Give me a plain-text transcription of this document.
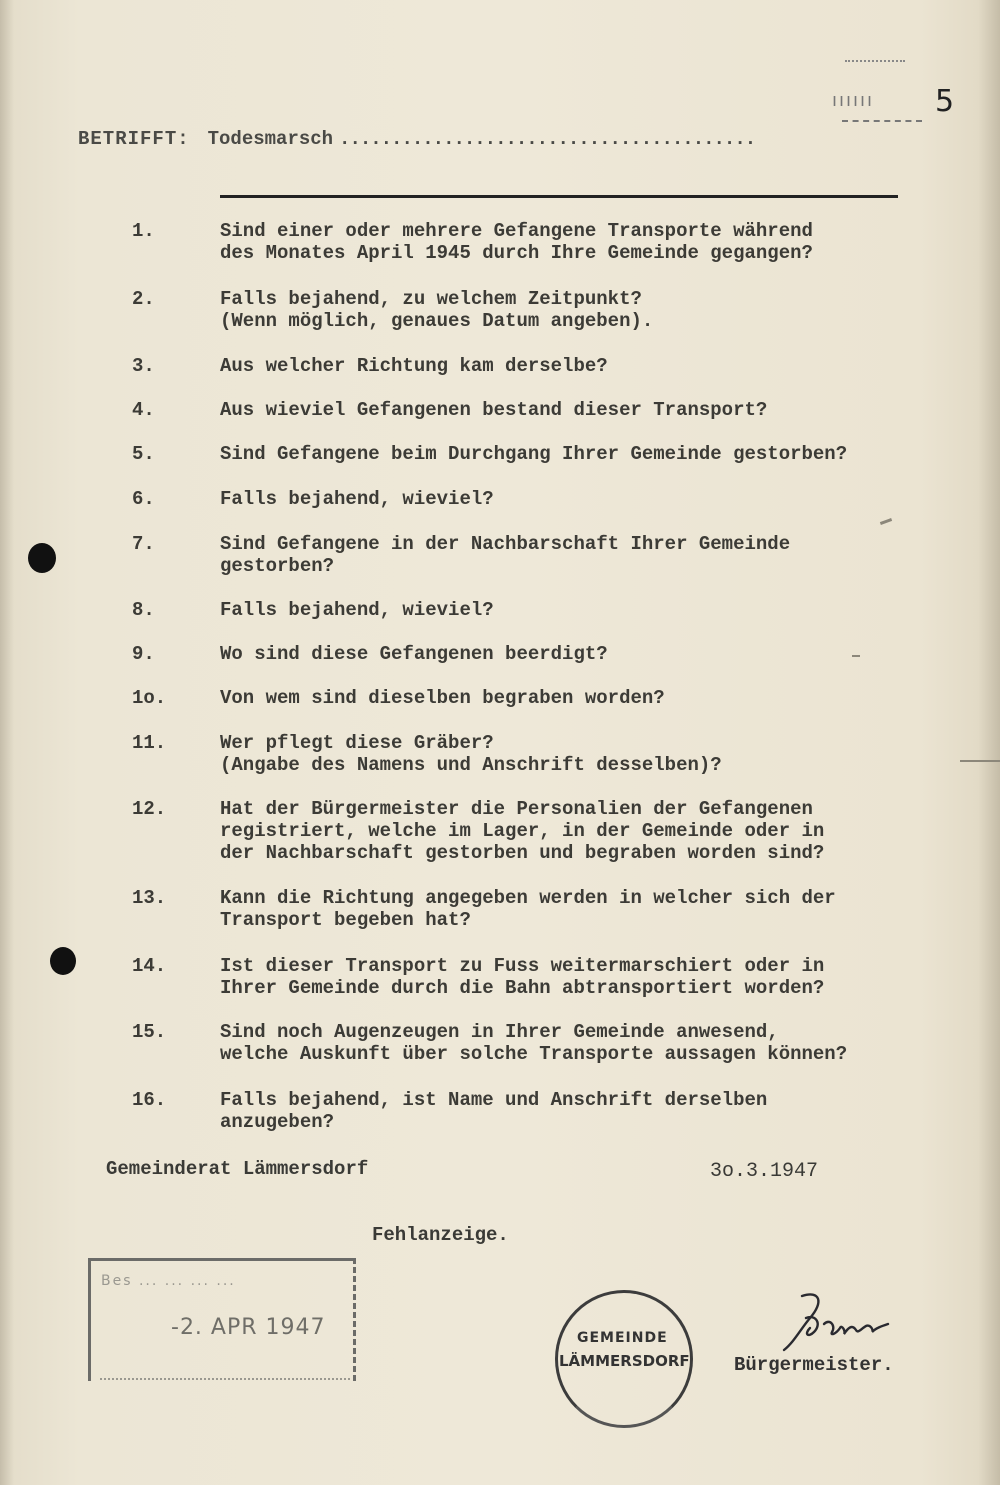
ıııııı 5
BETRIFFT: Todesmarsch ........................................
1.	Sind einer oder mehrere Gefangene Transporte während
des Monates April 1945 durch Ihre Gemeinde gegangen?
2.	Falls bejahend, zu welchem Zeitpunkt?
(Wenn möglich, genaues Datum angeben).
3.	Aus welcher Richtung kam derselbe?
4.	Aus wieviel Gefangenen bestand dieser Transport?
5.	Sind Gefangene beim Durchgang Ihrer Gemeinde gestorben?
6.	Falls bejahend, wieviel?
7.	Sind Gefangene in der Nachbarschaft Ihrer Gemeinde
gestorben?
8.	Falls bejahend, wieviel?
9.	Wo sind diese Gefangenen beerdigt?
1o.	Von wem sind dieselben begraben worden?
11.	Wer pflegt diese Gräber?
(Angabe des Namens und Anschrift desselben)?
12.	Hat der Bürgermeister die Personalien der Gefangenen
registriert, welche im Lager, in der Gemeinde oder in
der Nachbarschaft gestorben und begraben worden sind?
13.	Kann die Richtung angegeben werden in welcher sich der
Transport begeben hat?
14.	Ist dieser Transport zu Fuss weitermarschiert oder in
Ihrer Gemeinde durch die Bahn abtransportiert worden?
15.	Sind noch Augenzeugen in Ihrer Gemeinde anwesend,
welche Auskunft über solche Transporte aussagen können?
16.	Falls bejahend, ist Name und Anschrift derselben
anzugeben?
Gemeinderat Lämmersdorf	3o.3.1947
Fehlanzeige.
Bes ... ... ... ...
-2. APR 1947	GEMEINDE
LÄMMERSDORF Bürgermeister.
